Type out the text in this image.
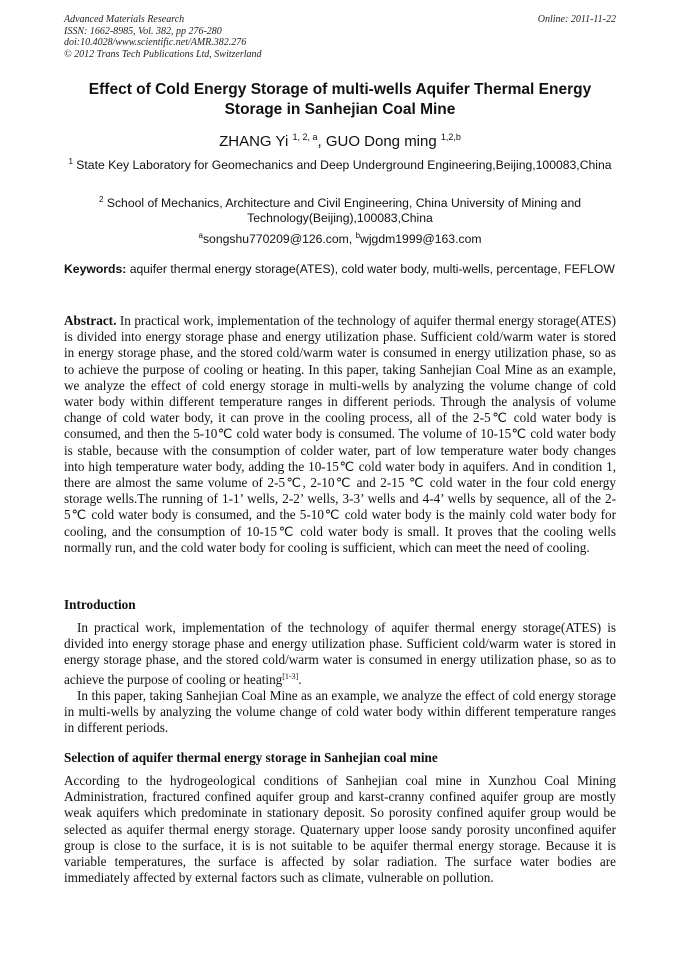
Advanced Materials Research
ISSN: 1662-8985, Vol. 382, pp 276-280
doi:10.4028/www.scientific.net/AMR.382.276
© 2012 Trans Tech Publications Ltd, Switzerland
Online: 2011-11-22
Effect of Cold Energy Storage of multi-wells Aquifer Thermal Energy Storage in Sanhejian Coal Mine
ZHANG Yi $^{1, 2, a}$, GUO Dong ming $^{1,2,b}$
$^1$ State Key Laboratory for Geomechanics and Deep Underground Engineering,Beijing,100083,China
$^2$ School of Mechanics, Architecture and Civil Engineering, China University of Mining and Technology(Beijing),100083,China
$^a$songshu770209@126.com, $^b$wjgdm1999@163.com
Keywords: aquifer thermal energy storage(ATES), cold water body, multi-wells, percentage, FEFLOW
Abstract. In practical work, implementation of the technology of aquifer thermal energy storage(ATES) is divided into energy storage phase and energy utilization phase. Sufficient cold/warm water is stored in energy storage phase, and the stored cold/warm water is consumed in energy utilization phase, so as to achieve the purpose of cooling or heating. In this paper, taking Sanhejian Coal Mine as an example, we analyze the effect of cold energy storage in multi-wells by analyzing the volume change of cold water body within different temperature ranges in different periods. Through the analysis of volume change of cold water body, it can prove in the cooling process, all of the 2-5℃ cold water body is consumed, and then the 5-10℃ cold water body is consumed. The volume of 10-15℃ cold water body is stable, because with the consumption of colder water, part of low temperature water body changes into high temperature water body, adding the 10-15℃ cold water body in aquifers. And in condition 1, there are almost the same volume of 2-5℃, 2-10℃ and 2-15 ℃ cold water in the four cold energy storage wells.The running of 1-1’ wells, 2-2’ wells, 3-3’ wells and 4-4’ wells by sequence, all of the 2-5℃ cold water body is consumed, and the 5-10℃ cold water body is the mainly cold water body for cooling, and the consumption of 10-15℃ cold water body is small. It proves that the cooling wells normally run, and the cold water body for cooling is sufficient, which can meet the need of cooling.
Introduction

In practical work, implementation of the technology of aquifer thermal energy storage(ATES) is divided into energy storage phase and energy utilization phase. Sufficient cold/warm water is stored in energy storage phase, and the stored cold/warm water is consumed in energy utilization phase, so as to achieve the purpose of cooling or heating[1-3].

In this paper, taking Sanhejian Coal Mine as an example, we analyze the effect of cold energy storage in multi-wells by analyzing the volume change of cold water body within different temperature ranges in different periods.

Selection of aquifer thermal energy storage in Sanhejian coal mine
According to the hydrogeological conditions of Sanhejian coal mine in Xunzhou Coal Mining Administration, fractured confined aquifer group and karst-cranny confined aquifer group are mostly weak aquifers which predominate in stationary deposit. So porosity confined aquifer group would be selected as aquifer thermal energy storage. Quaternary upper loose sandy porosity unconfined aquifer group is close to the surface, it is is not suitable to be aquifer thermal energy storage. Because it is variable temperatures, the surface is affected by solar radiation. The surface water bodies are immediately affected by external factors such as climate, vulnerable on pollution.
